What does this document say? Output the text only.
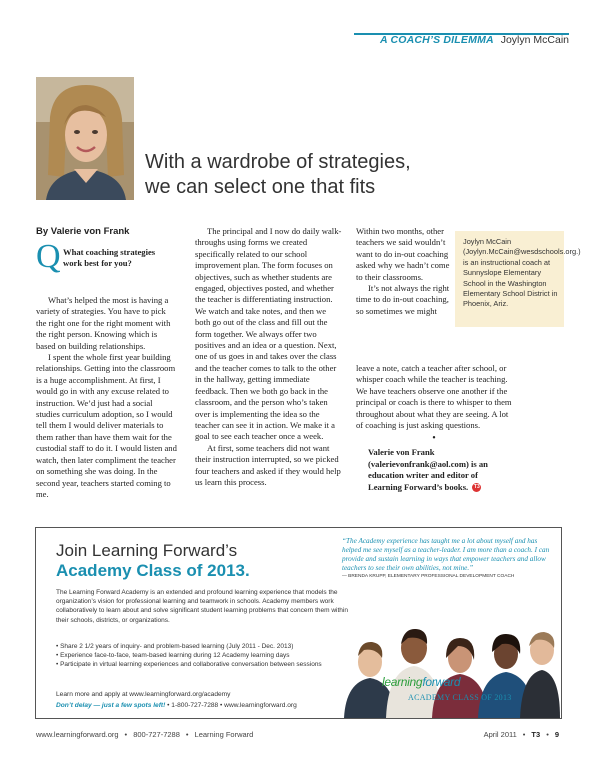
A COACH’S DILEMMA Joylyn McCain
With a wardrobe of strategies,
we can select one that fits
By Valerie von Frank
Q What coaching strategies work best for you?

What’s helped the most is having a variety of strategies. You have to pick the right one for the right moment with the right person. Knowing which is based on building relationships.

I spent the whole first year building relationships. Getting into the classroom is a huge accomplishment. At first, I would go in with any excuse related to instruction. We’d just had a social studies curriculum adoption, so I would tell them I would deliver materials to them rather than have them wait for the custodial staff to do it. I would listen and watch, then later compliment the teacher on something she was doing. In the second year, teachers started coming to me.

The principal and I now do daily walk-throughs using forms we created specifically related to our school improvement plan. The form focuses on objectives, such as whether students are engaged, objectives posted, and whether the teacher is differentiating instruction. We watch and take notes, and then we both go out of the class and fill out the form together. We always offer two positives and an idea or a question. Next, one of us goes in and takes over the class and the teacher comes to talk to the other in the hallway, getting immediate feedback. Then we both go back in the classroom, and the person who’s taken over is implementing the idea so the teacher can see it in action. We make it a goal to see each teacher once a week.

At first, some teachers did not want their instruction interrupted, so we picked four teachers and asked if they would help us learn this process.

Within two months, other teachers we said wouldn’t want to do in-out coaching asked why we hadn’t come to their classrooms.

It’s not always the right time to do in-out coaching, so sometimes we might

leave a note, catch a teacher after school, or whisper coach while the teacher is teaching. We have teachers observe one another if the principal or coach is there to whisper to them throughout about what they are seeing. A lot of coaching is just asking questions.

•
Valerie von Frank (valerievonfrank@aol.com) is an education writer and editor of Learning Forward’s books. T3
Joylyn McCain (Joylyn.McCain@wesdschools.org.) is an instructional coach at Sunnyslope Elementary School in the Washington Elementary School District in Phoenix, Ariz.
Join Learning Forward’s
Academy Class of 2013.
The Learning Forward Academy is an extended and profound learning experience that models the organization’s vision for professional learning and teamwork in schools. Academy members work collaboratively to learn about and solve significant student learning problems that concern them within their schools, districts, or organizations.
• Share 2 1/2 years of inquiry- and problem-based learning (July 2011 - Dec. 2013)
• Experience face-to-face, team-based learning during 12 Academy learning days
• Participate in virtual learning experiences and collaborative conversation between sessions
Learn more and apply at www.learningforward.org/academy
Don’t delay — just a few spots left! • 1-800-727-7288 • www.learningforward.org
“The Academy experience has taught me a lot about myself and has helped me see myself as a teacher-leader. I am more than a coach. I can provide and sustain learning in ways that empower teachers and allow teachers to see their own abilities, not mine.”
— BRENDA KRUPP, ELEMENTARY PROFESSIONAL DEVELOPMENT COACH
learningforward
ACADEMY CLASS OF 2013
www.learningforward.org • 800-727-7288 • Learning Forward	April 2011 • T3 • 9
